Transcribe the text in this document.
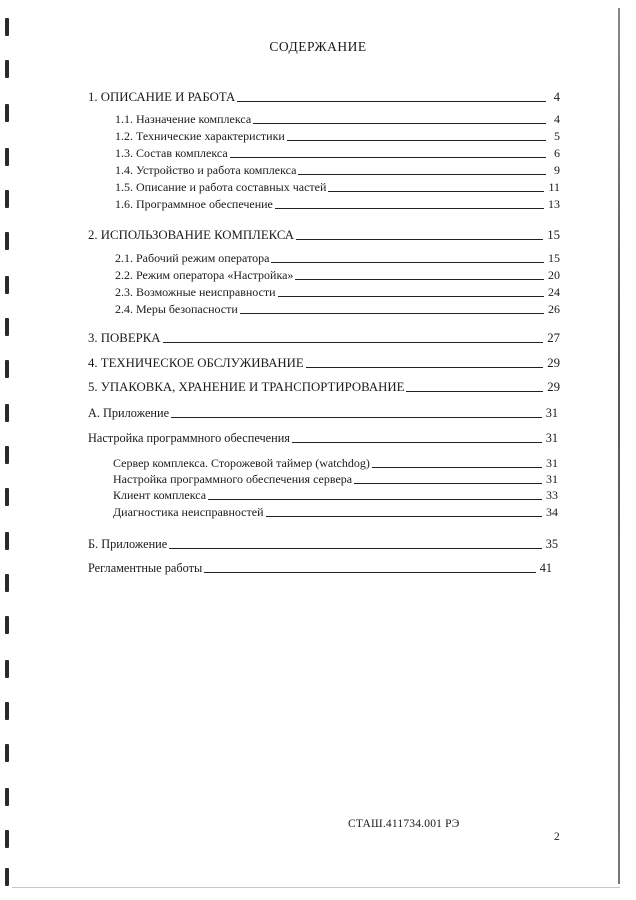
СОДЕРЖАНИЕ
1. ОПИСАНИЕ И РАБОТА	4
1.1. Назначение комплекса	4
1.2. Технические характеристики	5
1.3. Состав комплекса	6
1.4. Устройство и работа комплекса	9
1.5. Описание и работа составных частей	11
1.6. Программное обеспечение	13
2. ИСПОЛЬЗОВАНИЕ КОМПЛЕКСА	15
2.1. Рабочий режим оператора	15
2.2. Режим оператора «Настройка»	20
2.3. Возможные неисправности	24
2.4. Меры безопасности	26
3. ПОВЕРКА	27
4. ТЕХНИЧЕСКОЕ ОБСЛУЖИВАНИЕ	29
5. УПАКОВКА, ХРАНЕНИЕ И ТРАНСПОРТИРОВАНИЕ	29
А. Приложение	31
Настройка программного обеспечения	31
Сервер комплекса. Сторожевой таймер (watchdog)	31
Настройка программного обеспечения сервера	31
Клиент комплекса	33
Диагностика неисправностей	34
Б. Приложение	35
Регламентные работы	41
СТАШ.411734.001 РЭ
2
